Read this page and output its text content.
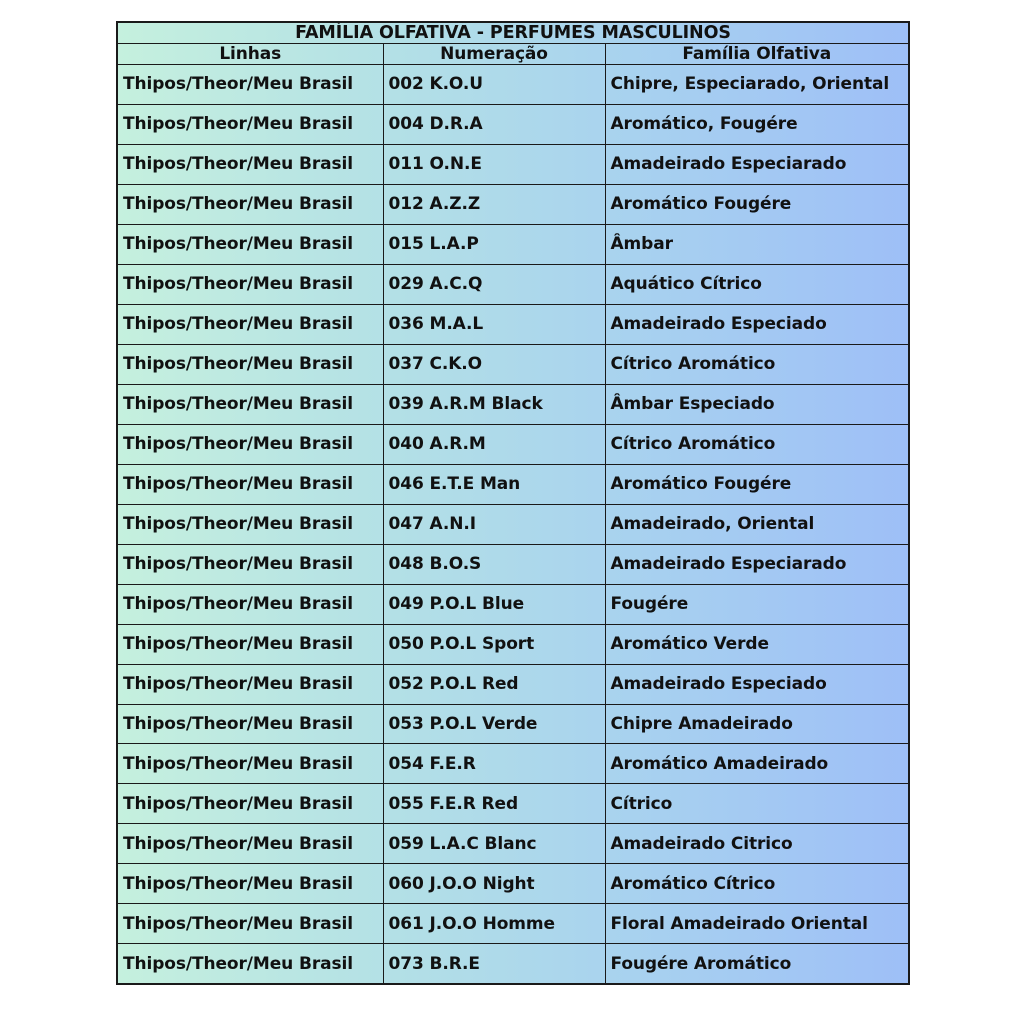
FAMÍLIA OLFATIVA - PERFUMES MASCULINOS		
Linhas	Numeração	Família Olfativa
Thipos/Theor/Meu Brasil	002 K.O.U	Chipre, Especiarado, Oriental
Thipos/Theor/Meu Brasil	004 D.R.A	Aromático, Fougére
Thipos/Theor/Meu Brasil	011 O.N.E	Amadeirado Especiarado
Thipos/Theor/Meu Brasil	012 A.Z.Z	Aromático Fougére
Thipos/Theor/Meu Brasil	015 L.A.P	Âmbar
Thipos/Theor/Meu Brasil	029 A.C.Q	Aquático Cítrico
Thipos/Theor/Meu Brasil	036 M.A.L	Amadeirado Especiado
Thipos/Theor/Meu Brasil	037 C.K.O	Cítrico Aromático
Thipos/Theor/Meu Brasil	039 A.R.M Black	Âmbar Especiado
Thipos/Theor/Meu Brasil	040 A.R.M	Cítrico Aromático
Thipos/Theor/Meu Brasil	046 E.T.E Man	Aromático Fougére
Thipos/Theor/Meu Brasil	047 A.N.I	Amadeirado, Oriental
Thipos/Theor/Meu Brasil	048 B.O.S	Amadeirado Especiarado
Thipos/Theor/Meu Brasil	049 P.O.L Blue	Fougére
Thipos/Theor/Meu Brasil	050 P.O.L Sport	Aromático Verde
Thipos/Theor/Meu Brasil	052 P.O.L Red	Amadeirado Especiado
Thipos/Theor/Meu Brasil	053 P.O.L Verde	Chipre Amadeirado
Thipos/Theor/Meu Brasil	054 F.E.R	Aromático Amadeirado
Thipos/Theor/Meu Brasil	055 F.E.R Red	Cítrico
Thipos/Theor/Meu Brasil	059 L.A.C Blanc	Amadeirado Citrico
Thipos/Theor/Meu Brasil	060 J.O.O Night	Aromático Cítrico
Thipos/Theor/Meu Brasil	061 J.O.O Homme	Floral Amadeirado Oriental
Thipos/Theor/Meu Brasil	073 B.R.E	Fougére Aromático
